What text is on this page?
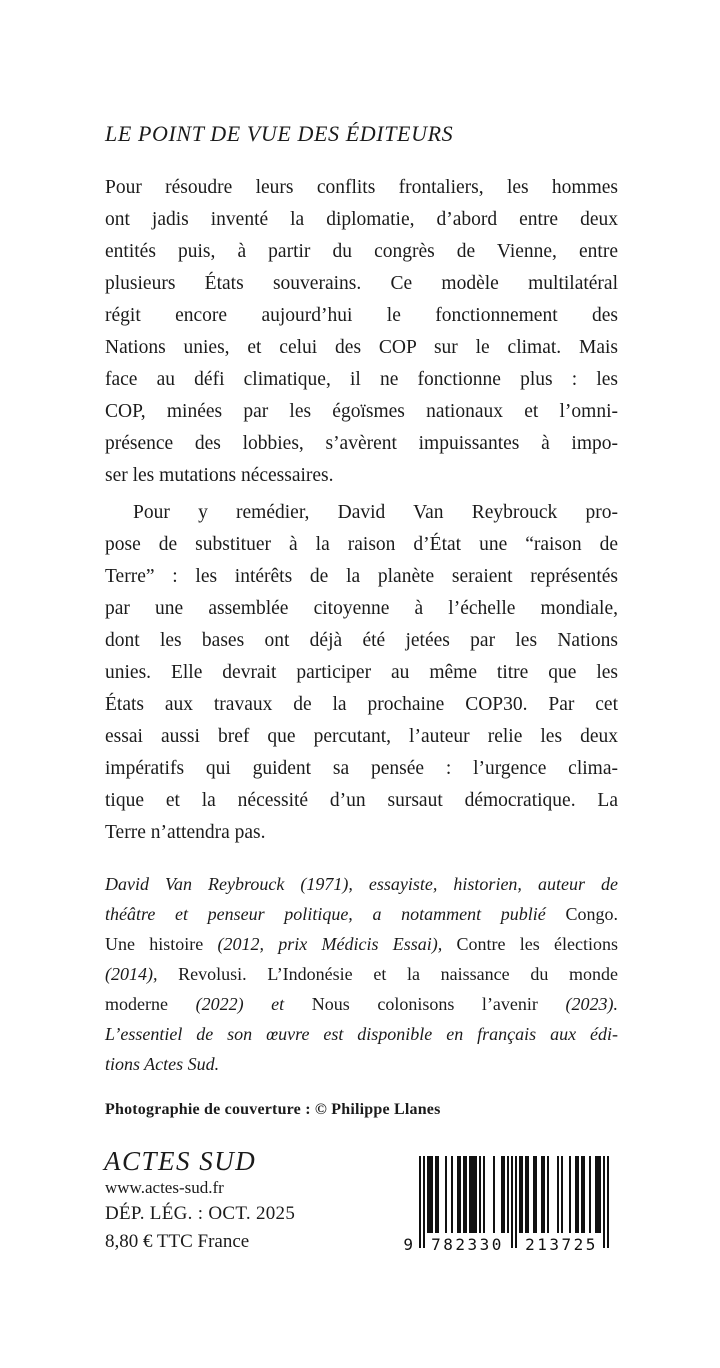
LE POINT DE VUE DES ÉDITEURS

Pour résoudre leurs conflits frontaliers, les hommes
ont jadis inventé la diplomatie, d’abord entre deux
entités puis, à partir du congrès de Vienne, entre
plusieurs États souverains. Ce modèle multilatéral
régit encore aujourd’hui le fonctionnement des
Nations unies, et celui des COP sur le climat. Mais
face au défi climatique, il ne fonctionne plus : les
COP, minées par les égoïsmes nationaux et l’omni-
présence des lobbies, s’avèrent impuissantes à impo-
ser les mutations nécessaires.

Pour y remédier, David Van Reybrouck pro-
pose de substituer à la raison d’État une “raison de
Terre” : les intérêts de la planète seraient représentés
par une assemblée citoyenne à l’échelle mondiale,
dont les bases ont déjà été jetées par les Nations
unies. Elle devrait participer au même titre que les
États aux travaux de la prochaine COP30. Par cet
essai aussi bref que percutant, l’auteur relie les deux
impératifs qui guident sa pensée : l’urgence clima-
tique et la nécessité d’un sursaut démocratique. La
Terre n’attendra pas.

David Van Reybrouck (1971), essayiste, historien, auteur de
théâtre et penseur politique, a notamment publié Congo.
Une histoire (2012, prix Médicis Essai), Contre les élections
(2014), Revolusi. L’Indonésie et la naissance du monde
moderne (2022) et Nous colonisons l’avenir (2023).
L’essentiel de son œuvre est disponible en français aux édi-
tions Actes Sud.
Photographie de couverture : © Philippe Llanes
ACTES SUD
www.actes-sud.fr
DÉP. LÉG. : OCT. 2025
8,80 € TTC France	9	782330	213725
